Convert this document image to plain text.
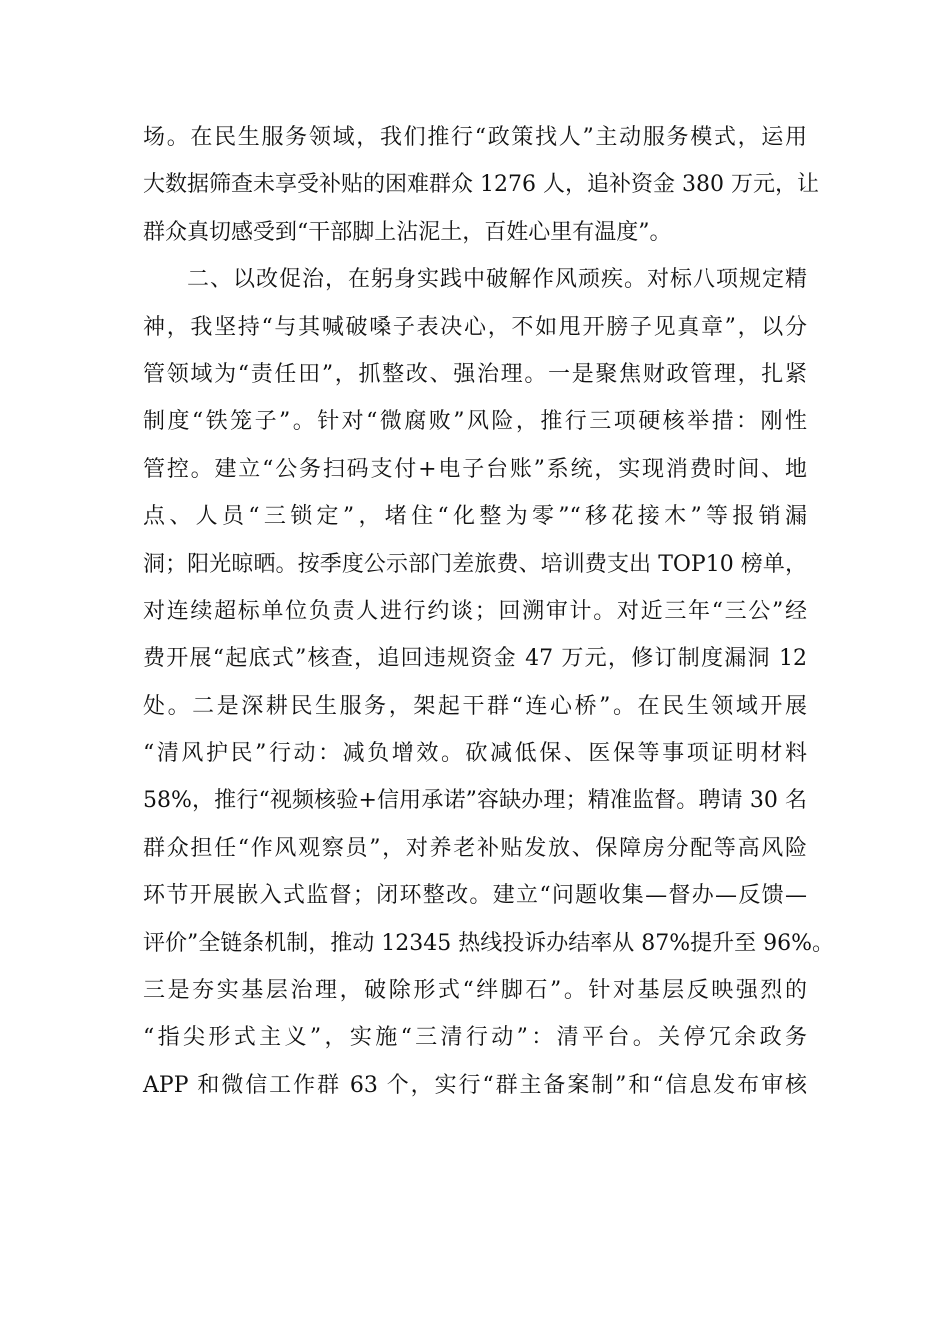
场。在民生服务领域，我们推行“政策找人”主动服务模式，运用
大数据筛查未享受补贴的困难群众 1276 人，追补资金 380 万元，让
群众真切感受到“干部脚上沾泥土，百姓心里有温度”。
二、以改促治，在躬身实践中破解作风顽疾。对标八项规定精
神，我坚持“与其喊破嗓子表决心，不如甩开膀子见真章”，以分
管领域为“责任田”，抓整改、强治理。一是聚焦财政管理，扎紧
制度“铁笼子”。针对“微腐败”风险，推行三项硬核举措：刚性
管控。建立“公务扫码支付+电子台账”系统，实现消费时间、地
点、人员“三锁定”，堵住“化整为零”“移花接木”等报销漏
洞；阳光晾晒。按季度公示部门差旅费、培训费支出 TOP10 榜单，
对连续超标单位负责人进行约谈；回溯审计。对近三年“三公”经
费开展“起底式”核查，追回违规资金 47 万元，修订制度漏洞 12
处。二是深耕民生服务，架起干群“连心桥”。在民生领域开展
“清风护民”行动：减负增效。砍减低保、医保等事项证明材料
58%，推行“视频核验+信用承诺”容缺办理；精准监督。聘请 30 名
群众担任“作风观察员”，对养老补贴发放、保障房分配等高风险
环节开展嵌入式监督；闭环整改。建立“问题收集—督办—反馈—
评价”全链条机制，推动 12345 热线投诉办结率从 87%提升至 96%。
三是夯实基层治理，破除形式“绊脚石”。针对基层反映强烈的
“指尖形式主义”，实施“三清行动”：清平台。关停冗余政务
APP 和微信工作群 63 个，实行“群主备案制”和“信息发布审核
